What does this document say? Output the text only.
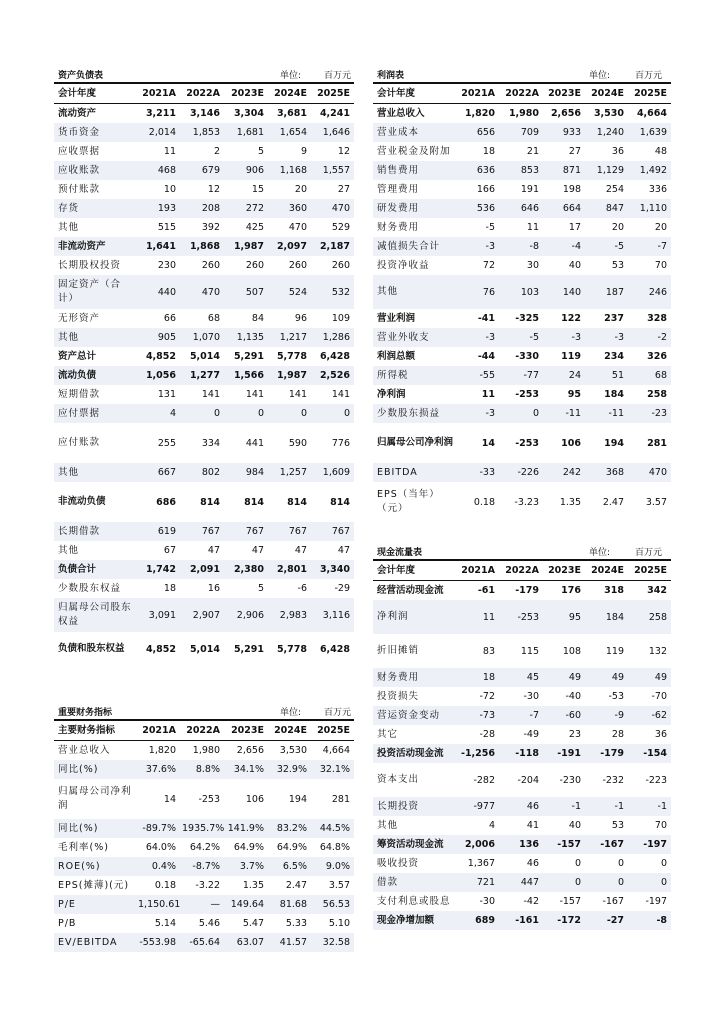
资产负债表	单位:	百万元
会计年度	2021A	2022A	2023E	2024E	2025E
流动资产	3,211	3,146	3,304	3,681	4,241
货币资金	2,014	1,853	1,681	1,654	1,646
应收票据	11	2	5	9	12
应收账款	468	679	906	1,168	1,557
预付账款	10	12	15	20	27
存货	193	208	272	360	470
其他	515	392	425	470	529
非流动资产	1,641	1,868	1,987	2,097	2,187
长期股权投资	230	260	260	260	260
固定资产（合计）	440	470	507	524	532
无形资产	66	68	84	96	109
其他	905	1,070	1,135	1,217	1,286
资产总计	4,852	5,014	5,291	5,778	6,428
流动负债	1,056	1,277	1,566	1,987	2,526
短期借款	131	141	141	141	141
应付票据	4	0	0	0	0
应付账款	255	334	441	590	776
其他	667	802	984	1,257	1,609
非流动负债	686	814	814	814	814
长期借款	619	767	767	767	767
其他	67	47	47	47	47
负债合计	1,742	2,091	2,380	2,801	3,340
少数股东权益	18	16	5	-6	-29
归属母公司股东权益	3,091	2,907	2,906	2,983	3,116
负债和股东权益	4,852	5,014	5,291	5,778	6,428
利润表	单位:	百万元
会计年度	2021A	2022A	2023E	2024E	2025E
营业总收入	1,820	1,980	2,656	3,530	4,664
营业成本	656	709	933	1,240	1,639
营业税金及附加	18	21	27	36	48
销售费用	636	853	871	1,129	1,492
管理费用	166	191	198	254	336
研发费用	536	646	664	847	1,110
财务费用	-5	11	17	20	20
减值损失合计	-3	-8	-4	-5	-7
投资净收益	72	30	40	53	70
其他	76	103	140	187	246
营业利润	-41	-325	122	237	328
营业外收支	-3	-5	-3	-3	-2
利润总额	-44	-330	119	234	326
所得税	-55	-77	24	51	68
净利润	11	-253	95	184	258
少数股东损益	-3	0	-11	-11	-23
归属母公司净利润	14	-253	106	194	281
EBITDA	-33	-226	242	368	470
EPS（当年）（元）	0.18	-3.23	1.35	2.47	3.57
现金流量表	单位:	百万元
会计年度	2021A	2022A	2023E	2024E	2025E
经营活动现金流	-61	-179	176	318	342
净利润	11	-253	95	184	258
折旧摊销	83	115	108	119	132
财务费用	18	45	49	49	49
投资损失	-72	-30	-40	-53	-70
营运资金变动	-73	-7	-60	-9	-62
其它	-28	-49	23	28	36
投资活动现金流	-1,256	-118	-191	-179	-154
资本支出	-282	-204	-230	-232	-223
长期投资	-977	46	-1	-1	-1
其他	4	41	40	53	70
筹资活动现金流	2,006	136	-157	-167	-197
吸收投资	1,367	46	0	0	0
借款	721	447	0	0	0
支付利息或股息	-30	-42	-157	-167	-197
现金净增加额	689	-161	-172	-27	-8
重要财务指标	单位:	百万元
主要财务指标	2021A	2022A	2023E	2024E	2025E
营业总收入	1,820	1,980	2,656	3,530	4,664
同比(%)	37.6%	8.8%	34.1%	32.9%	32.1%
归属母公司净利润	14	-253	106	194	281
同比(%)	-89.7%	1935.7%	141.9%	83.2%	44.5%
毛利率(%)	64.0%	64.2%	64.9%	64.9%	64.8%
ROE(%)	0.4%	-8.7%	3.7%	6.5%	9.0%
EPS(摊薄)(元)	0.18	-3.22	1.35	2.47	3.57
P/E	1,150.61	—	149.64	81.68	56.53
P/B	5.14	5.46	5.47	5.33	5.10
EV/EBITDA	-553.98	-65.64	63.07	41.57	32.58
